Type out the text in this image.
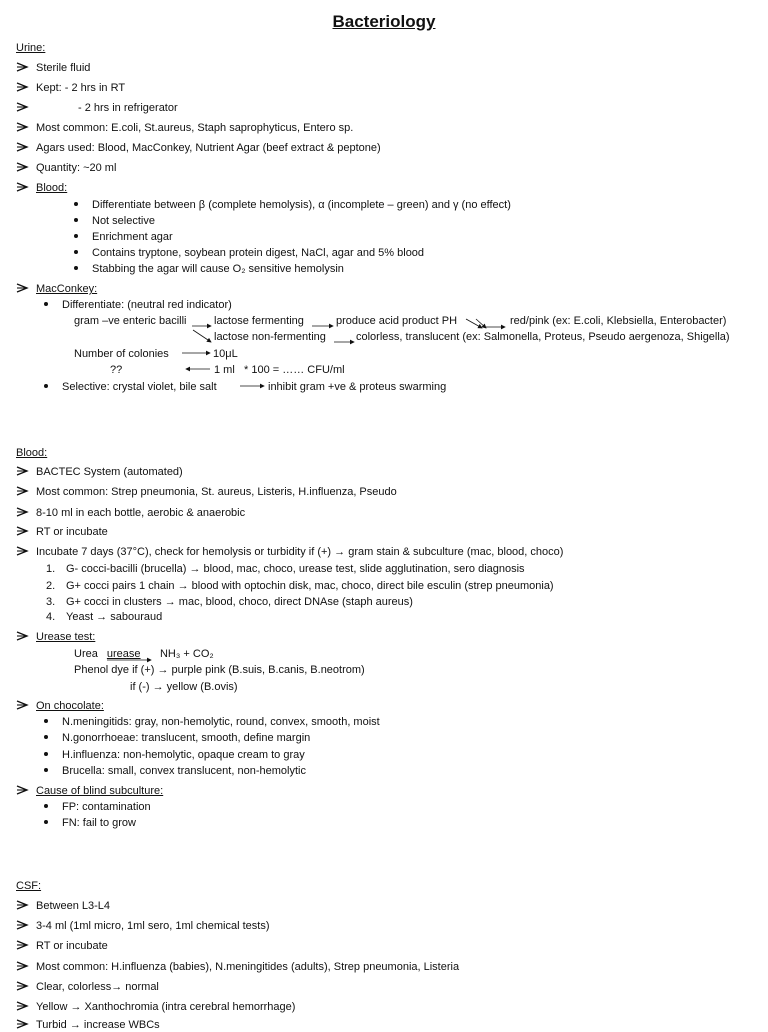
Bacteriology
Urine:
Sterile fluid
Kept: - 2 hrs in RT
- 2 hrs in refrigerator
Most common: E.coli, St.aureus, Staph saprophyticus, Entero sp.
Agars used: Blood, MacConkey, Nutrient Agar (beef extract & peptone)
Quantity: ~20 ml
Blood:
Differentiate between β (complete hemolysis), α (incomplete – green) and γ (no effect)
Not selective
Enrichment agar
Contains tryptone, soybean protein digest, NaCl, agar and 5% blood
Stabbing the agar will cause O₂ sensitive hemolysin
MacConkey:
Differentiate: (neutral red indicator)
gram –ve enteric bacilli	lactose fermenting	produce acid product PH	red/pink (ex: E.coli, Klebsiella, Enterobacter)
lactose non-fermenting	colorless, translucent (ex: Salmonella, Proteus, Pseudo aergenoza, Shigella)
Number of colonies	10μL
??	1 ml * 100 = …… CFU/ml
Selective: crystal violet, bile salt	inhibit gram +ve & proteus swarming
Blood:
BACTEC System (automated)
Most common: Strep pneumonia, St. aureus, Listeris, H.influenza, Pseudo
8-10 ml in each bottle, aerobic & anaerobic
RT or incubate
Incubate 7 days (37°C), check for hemolysis or turbidity if (+) → gram stain & subculture (mac, blood, choco)
1. G- cocci-bacilli (brucella) → blood, mac, choco, urease test, slide agglutination, sero diagnosis
2. G+ cocci pairs 1 chain → blood with optochin disk, mac, choco, direct bile esculin (strep pneumonia)
3. G+ cocci in clusters → mac, blood, choco, direct DNAse (staph aureus)
4. Yeast → sabouraud
Urease test:
Urea urease NH₃ + CO₂
Phenol dye if (+) → purple pink (B.suis, B.canis, B.neotrom)
if (-) → yellow (B.ovis)
On chocolate:
N.meningitids: gray, non-hemolytic, round, convex, smooth, moist
N.gonorrhoeae: translucent, smooth, define margin
H.influenza: non-hemolytic, opaque cream to gray
Brucella: small, convex translucent, non-hemolytic
Cause of blind subculture:
FP: contamination
FN: fail to grow
CSF:
Between L3-L4
3-4 ml (1ml micro, 1ml sero, 1ml chemical tests)
RT or incubate
Most common: H.influenza (babies), N.meningitides (adults), Strep pneumonia, Listeria
Clear, colorless→ normal
Yellow → Xanthochromia (intra cerebral hemorrhage)
Turbid → increase WBCs
